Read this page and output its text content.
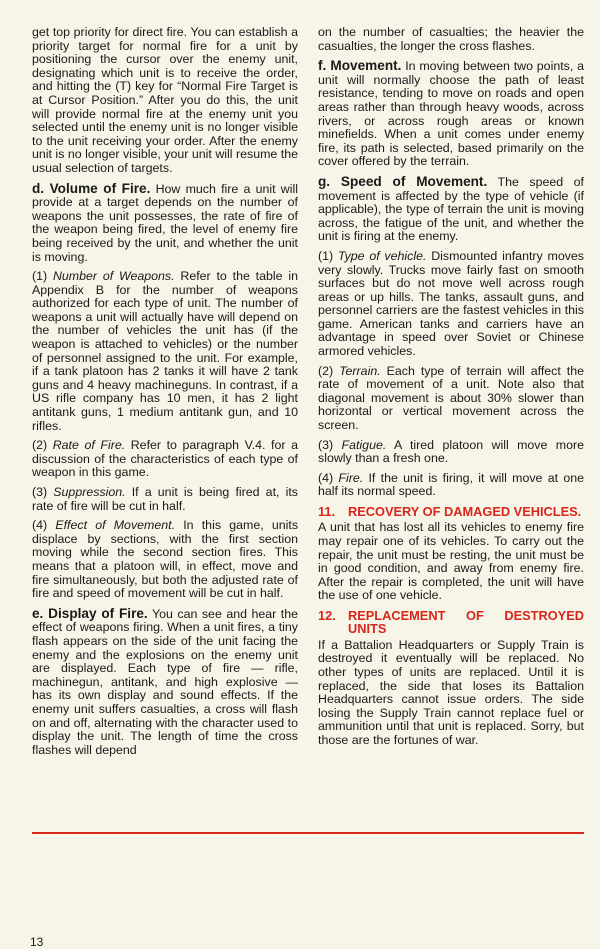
get top priority for direct fire. You can establish a priority target for normal fire for a unit by positioning the cursor over the enemy unit, designating which unit is to receive the order, and hitting the (T) key for “Normal Fire Target is at Cursor Position.” After you do this, the unit will provide normal fire at the enemy unit you selected until the enemy unit is no longer visible to the unit receiving your order. After the enemy unit is no longer visible, your unit will resume the usual selection of targets.

d. Volume of Fire. How much fire a unit will provide at a target depends on the number of weapons the unit possesses, the rate of fire of the weapon being fired, the level of enemy fire being received by the unit, and whether the unit is moving.

(1) Number of Weapons. Refer to the table in Appendix B for the number of weapons authorized for each type of unit. The number of weapons a unit will actually have will depend on the number of vehicles the unit has (if the weapon is attached to vehicles) or the number of personnel assigned to the unit. For example, if a tank platoon has 2 tanks it will have 2 tank guns and 4 heavy machineguns. In contrast, if a US rifle company has 10 men, it has 2 light antitank guns, 1 medium antitank gun, and 10 rifles.

(2) Rate of Fire. Refer to paragraph V.4. for a discussion of the characteristics of each type of weapon in this game.

(3) Suppression. If a unit is being fired at, its rate of fire will be cut in half.

(4) Effect of Movement. In this game, units displace by sections, with the first section moving while the second section fires. This means that a platoon will, in effect, move and fire simultaneously, but both the adjusted rate of fire and speed of movement will be cut in half.

e. Display of Fire. You can see and hear the effect of weapons firing. When a unit fires, a tiny flash appears on the side of the unit facing the enemy and the explosions on the enemy unit are displayed. Each type of fire — rifle, machinegun, antitank, and high explosive — has its own display and sound effects. If the enemy unit suffers casualties, a cross will flash on and off, alternating with the character used to display the unit. The length of time the cross flashes will depend

on the number of casualties; the heavier the casualties, the longer the cross flashes.

f. Movement. In moving between two points, a unit will normally choose the path of least resistance, tending to move on roads and open areas rather than through heavy woods, across rivers, or across rough areas or known minefields. When a unit comes under enemy fire, its path is selected, based primarily on the cover offered by the terrain.

g. Speed of Movement. The speed of movement is affected by the type of vehicle (if applicable), the type of terrain the unit is moving across, the fatigue of the unit, and whether the unit is firing at the enemy.

(1) Type of vehicle. Dismounted infantry moves very slowly. Trucks move fairly fast on smooth surfaces but do not move well across rough areas or up hills. The tanks, assault guns, and personnel carriers are the fastest vehicles in this game. American tanks and carriers have an advantage in speed over Soviet or Chinese armored vehicles.

(2) Terrain. Each type of terrain will affect the rate of movement of a unit. Note also that diagonal movement is about 30% slower than horizontal or vertical movement across the screen.

(3) Fatigue. A tired platoon will move more slowly than a fresh one.

(4) Fire. If the unit is firing, it will move at one half its normal speed.

11.	RECOVERY OF DAMAGED VEHICLES.

A unit that has lost all its vehicles to enemy fire may repair one of its vehicles. To carry out the repair, the unit must be resting, the unit must be in good condition, and away from enemy fire. After the repair is completed, the unit will have the use of one vehicle.

12. REPLACEMENT OF DESTROYED UNITS

If a Battalion Headquarters or Supply Train is destroyed it eventually will be replaced. No other types of units are replaced. Until it is replaced, the side that loses its Battalion Headquarters cannot issue orders. The side losing the Supply Train cannot replace fuel or ammunition until that unit is replaced. Sorry, but those are the fortunes of war.

13
